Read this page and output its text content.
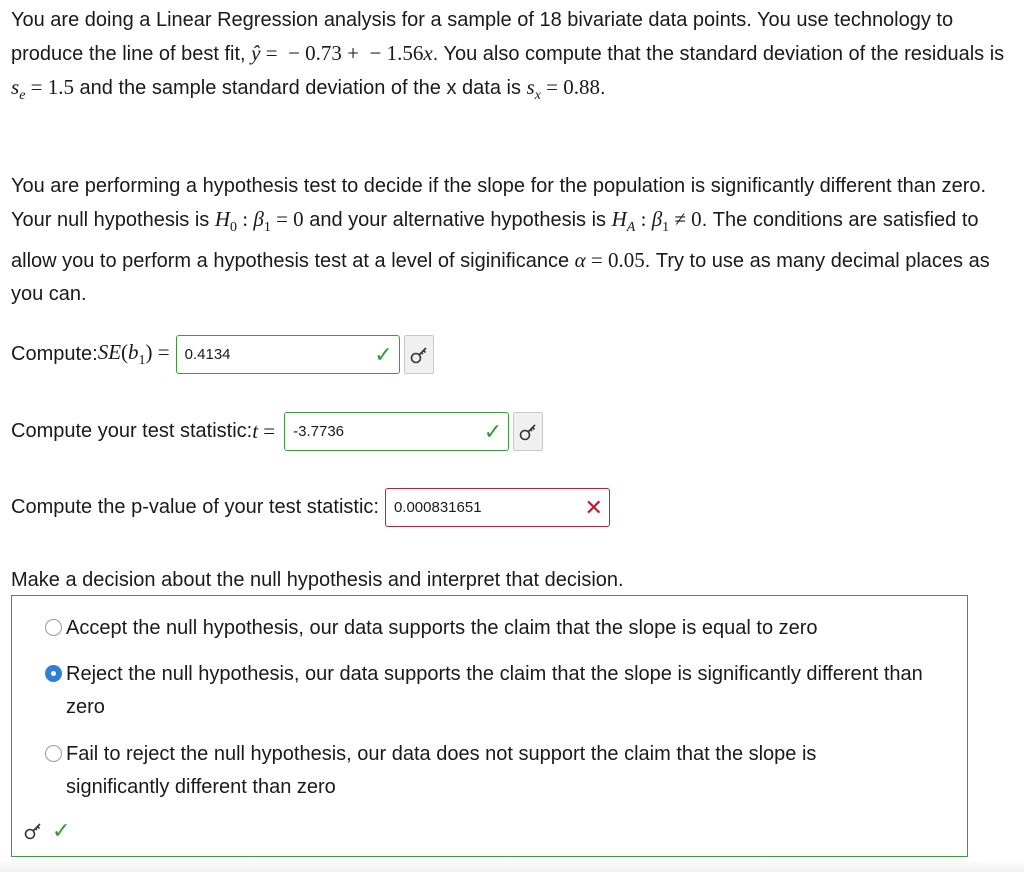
You are doing a Linear Regression analysis for a sample of 18 bivariate data points. You use technology to produce the line of best fit, ŷ =  − 0.73 +  − 1.56x. You also compute that the standard deviation of the residuals is $s_e = 1.5$ and the sample standard deviation of the x data is $s_x = 0.88$.

You are performing a hypothesis test to decide if the slope for the population is significantly different than zero. Your null hypothesis is $H_0$ : $\beta_1 = 0$ and your alternative hypothesis is $H_A$ : $\beta_1 \ne 0$. The conditions are satisfied to allow you to perform a hypothesis test at a level of siginificance α = 0.05. Try to use as many decimal places as you can.

Compute: $SE(b_1) = 0.4134$	✓
Compute your test statistic: t = -3.7736	✓
Compute the p-value of your test statistic: 0.000831651	✕
Make a decision about the null hypothesis and interpret that decision.
Accept the null hypothesis, our data supports the claim that the slope is equal to zero
Reject the null hypothesis, our data supports the claim that the slope is significantly different than zero
Fail to reject the null hypothesis, our data does not support the claim that the slope is significantly different than zero
✓
